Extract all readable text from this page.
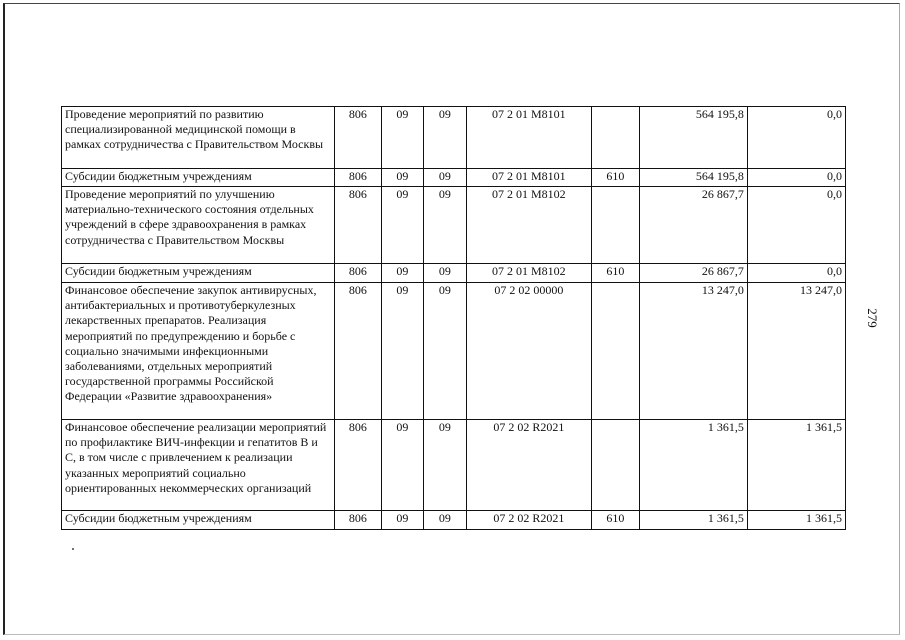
Проведение мероприятий по развитию специализированной медицинской помощи в рамках сотрудничества с Правительством Москвы	806	09	09	07 2 01 M8101		564 195,8	0,0
Субсидии бюджетным учреждениям	806	09	09	07 2 01 M8101	610	564 195,8	0,0
Проведение мероприятий по улучшению материально-технического состояния отдельных учреждений в сфере здравоохранения в рамках сотрудничества с Правительством Москвы	806	09	09	07 2 01 M8102		26 867,7	0,0
Субсидии бюджетным учреждениям	806	09	09	07 2 01 M8102	610	26 867,7	0,0
Финансовое обеспечение закупок антивирусных, антибактериальных и противотуберкулезных лекарственных препаратов. Реализация мероприятий по предупреждению и борьбе с социально значимыми инфекционными заболеваниями, отдельных мероприятий государственной программы Российской Федерации «Развитие здравоохранения»	806	09	09	07 2 02 00000		13 247,0	13 247,0
Финансовое обеспечение реализации мероприятий по профилактике ВИЧ-инфекции и гепатитов В и С, в том числе с привлечением к реализации указанных мероприятий социально ориентированных некоммерческих организаций	806	09	09	07 2 02 R2021		1 361,5	1 361,5
Субсидии бюджетным учреждениям	806	09	09	07 2 02 R2021	610	1 361,5	1 361,5
279
